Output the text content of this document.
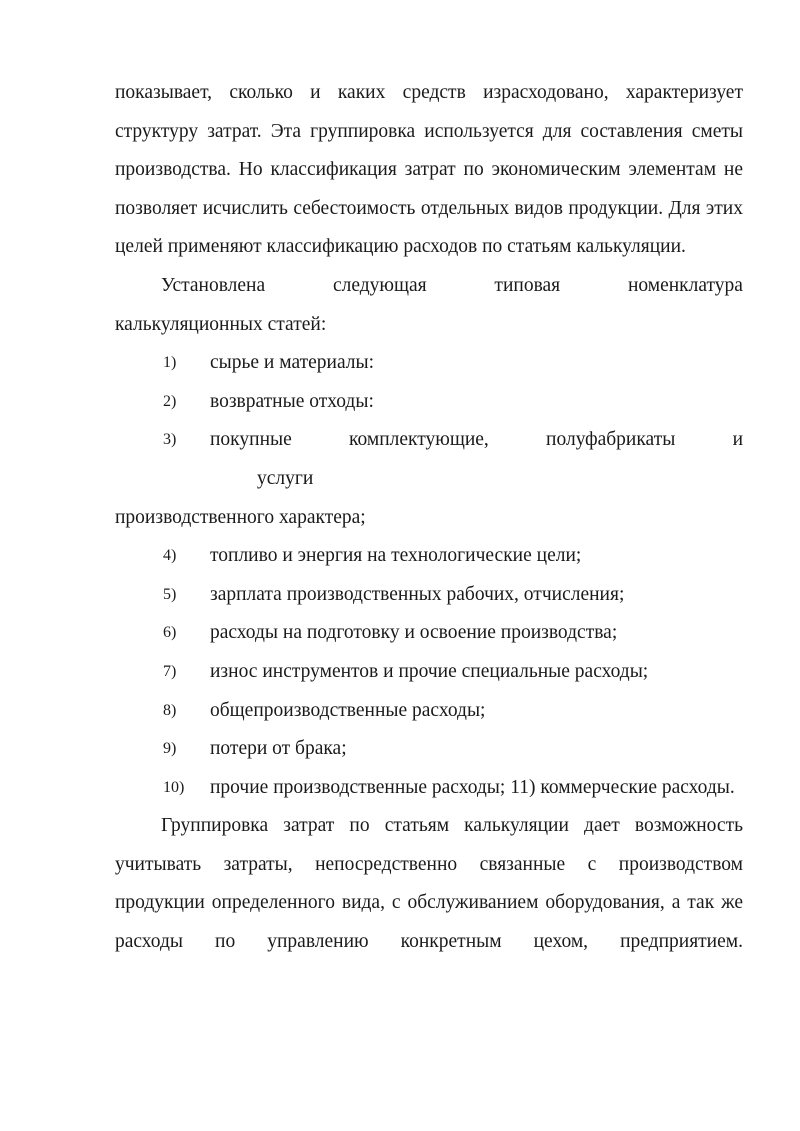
показывает, сколько и каких средств израсходовано, характеризует структуру затрат. Эта группировка используется для составления сметы производства. Но классификация затрат по экономическим элементам не позволяет исчислить себестоимость отдельных видов продукции. Для этих целей применяют классификацию расходов по статьям калькуляции.

Установлена	следующая	типовая	номенклатура
калькуляционных статей:
1)	сырье и материалы:
2)	возвратные отходы:
3)	покупные	комплектующие,	полуфабрикаты	и
услуги
производственного характера;
4)	топливо и энергия на технологические цели;
5)	зарплата производственных рабочих, отчисления;
6)	расходы на подготовку и освоение производства;
7)	износ инструментов и прочие специальные расходы;
8)	общепроизводственные расходы;
9)	потери от брака;
10)	прочие производственные расходы; 11) коммерческие расходы.

Группировка затрат по статьям калькуляции дает возможность учитывать затраты, непосредственно связанные с производством продукции определенного вида, с обслуживанием оборудования, а так же расходы по управлению конкретным цехом, предприятием.
